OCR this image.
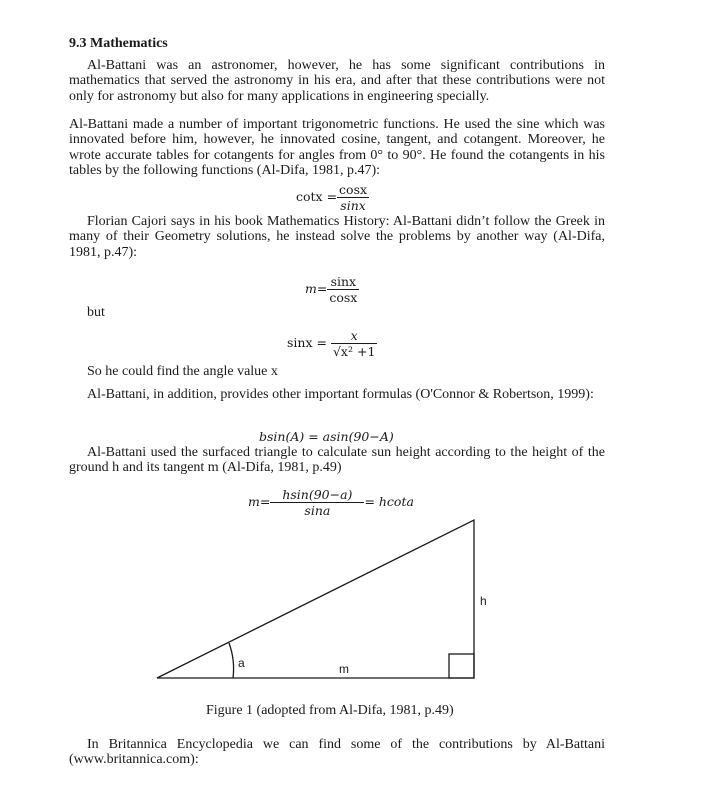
9.3 Mathematics
Al-Battani was an astronomer, however, he has some significant contributions in mathematics that served the astronomy in his era, and after that these contributions were not only for astronomy but also for many applications in engineering specially.
Al-Battani made a number of important trigonometric functions. He used the sine which was innovated before him, however, he innovated cosine, tangent, and cotangent. Moreover, he wrote accurate tables for cotangents for angles from 0° to 90°. He found the cotangents in his tables by the following functions (Al-Difa, 1981, p.47):
$\cot x = \frac{\cos x}{\sin x}$
Florian Cajori says in his book Mathematics History: Al-Battani didn’t follow the Greek in many of their Geometry solutions, he instead solve the problems by another way (Al-Difa, 1981, p.47):
$m= \frac{\sin x}{\cos x}$
but
$\sin x = \frac{x}{\text{√x² +1}}$
So he could find the angle value x
Al-Battani, in addition, provides other important formulas (O'Connor & Robertson, 1999):
bsin(A) = asin(90−A)
Al-Battani used the surfaced triangle to calculate sun height according to the height of the ground h and its tangent m (Al-Difa, 1981, p.49)
$m= \frac{hsin(90-a)}{\sin a} = hcota$
a	m
h
Figure 1 (adopted from Al-Difa, 1981, p.49)
In Britannica Encyclopedia we can find some of the contributions by Al-Battani (www.britannica.com):
